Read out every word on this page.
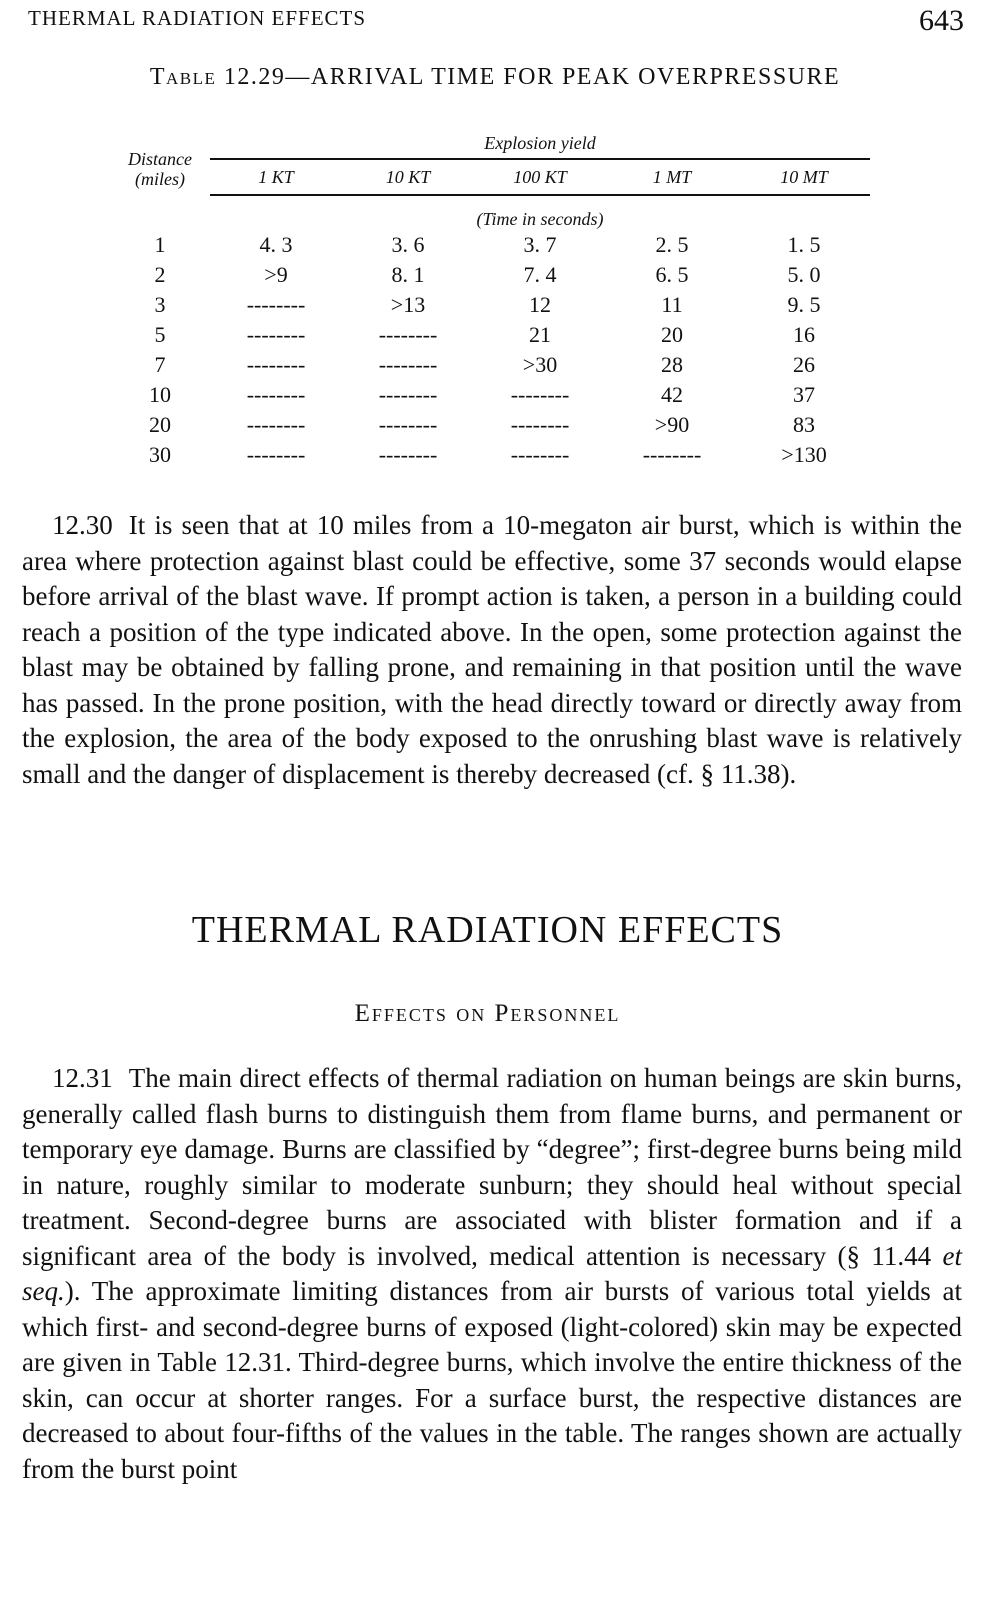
THERMAL RADIATION EFFECTS	643
Table 12.29—ARRIVAL TIME FOR PEAK OVERPRESSURE
Distance
(miles)	Explosion yield				
	1 KT	10 KT	100 KT	1 MT	10 MT
	(Time in seconds)				
1	4. 3	3. 6	3. 7	2. 5	1. 5
2	>9	8. 1	7. 4	6. 5	5. 0
3	--------	>13	12	11	9. 5
5	--------	--------	21	20	16
7	--------	--------	>30	28	26
10	--------	--------	--------	42	37
20	--------	--------	--------	>90	83
30	--------	--------	--------	--------	>130

12.30 It is seen that at 10 miles from a 10-megaton air burst, which is within the area where protection against blast could be effective, some 37 seconds would elapse before arrival of the blast wave. If prompt action is taken, a person in a building could reach a position of the type indicated above. In the open, some protection against the blast may be obtained by falling prone, and remaining in that position until the wave has passed. In the prone position, with the head directly toward or directly away from the explosion, the area of the body exposed to the onrushing blast wave is relatively small and the danger of displacement is thereby decreased (cf. § 11.38).

THERMAL RADIATION EFFECTS
Effects on Personnel

12.31 The main direct effects of thermal radiation on human beings are skin burns, generally called flash burns to distinguish them from flame burns, and permanent or temporary eye damage. Burns are classified by “degree”; first-degree burns being mild in nature, roughly similar to moderate sunburn; they should heal without special treatment. Second-degree burns are associated with blister formation and if a significant area of the body is involved, medical attention is necessary (§ 11.44 et seq.). The approximate limiting distances from air bursts of various total yields at which first- and second-degree burns of exposed (light-colored) skin may be expected are given in Table 12.31. Third-degree burns, which involve the entire thickness of the skin, can occur at shorter ranges. For a surface burst, the respective distances are decreased to about four-fifths of the values in the table. The ranges shown are actually from the burst point
